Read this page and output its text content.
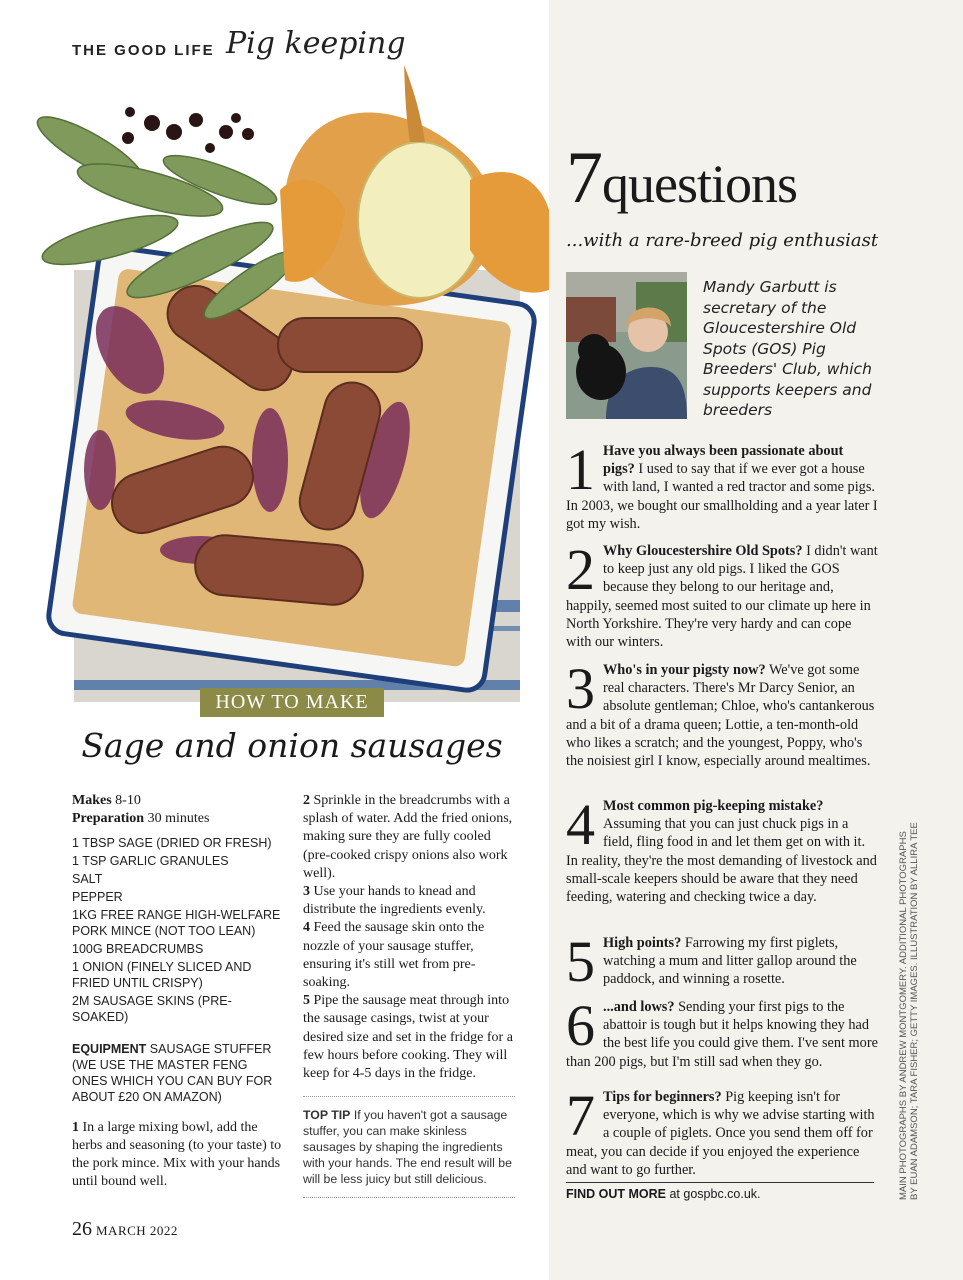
THE GOOD LIFE Pig keeping
HOW TO MAKE
Sage and onion sausages
Makes 8-10
Preparation 30 minutes
1 TBSP SAGE (DRIED OR FRESH)
1 TSP GARLIC GRANULES
SALT
PEPPER
1KG FREE RANGE HIGH-WELFARE PORK MINCE (NOT TOO LEAN)
100G BREADCRUMBS
1 ONION (FINELY SLICED AND FRIED UNTIL CRISPY)
2M SAUSAGE SKINS (PRE-SOAKED)
EQUIPMENT SAUSAGE STUFFER (WE USE THE MASTER FENG ONES WHICH YOU CAN BUY FOR ABOUT £20 ON AMAZON)

1 In a large mixing bowl, add the herbs and seasoning (to your taste) to the pork mince. Mix with your hands until bound well.

2 Sprinkle in the breadcrumbs with a splash of water. Add the fried onions, making sure they are fully cooled (pre-cooked crispy onions also work well).

3 Use your hands to knead and distribute the ingredients evenly.

4 Feed the sausage skin onto the nozzle of your sausage stuffer, ensuring it's still wet from pre-soaking.

5 Pipe the sausage meat through into the sausage casings, twist at your desired size and set in the fridge for a few hours before cooking. They will keep for 4-5 days in the fridge.

TOP TIP If you haven't got a sausage stuffer, you can make skinless sausages by shaping the ingredients with your hands. The end result will be will be less juicy but still delicious.
26 MARCH 2022
7questions
...with a rare-breed pig enthusiast
Mandy Garbutt is secretary of the Gloucestershire Old Spots (GOS) Pig Breeders' Club, which supports keepers and breeders
1 Have you always been passionate about pigs? I used to say that if we ever got a house with land, I wanted a red tractor and some pigs. In 2003, we bought our smallholding and a year later I got my wish.
2 Why Gloucestershire Old Spots? I didn't want to keep just any old pigs. I liked the GOS because they belong to our heritage and, happily, seemed most suited to our climate up here in North Yorkshire. They're very hardy and can cope with our winters.
3 Who's in your pigsty now? We've got some real characters. There's Mr Darcy Senior, an absolute gentleman; Chloe, who's cantankerous and a bit of a drama queen; Lottie, a ten-month-old who likes a scratch; and the youngest, Poppy, who's the noisiest girl I know, especially around mealtimes.
4 Most common pig-keeping mistake? Assuming that you can just chuck pigs in a field, fling food in and let them get on with it. In reality, they're the most demanding of livestock and small-scale keepers should be aware that they need feeding, watering and checking twice a day.
5 High points? Farrowing my first piglets, watching a mum and litter gallop around the paddock, and winning a rosette.
6 ...and lows? Sending your first pigs to the abattoir is tough but it helps knowing they had the best life you could give them. I've sent more than 200 pigs, but I'm still sad when they go.
7 Tips for beginners? Pig keeping isn't for everyone, which is why we advise starting with a couple of piglets. Once you send them off for meat, you can decide if you enjoyed the experience and want to go further.
FIND OUT MORE at gospbc.co.uk.	MAIN PHOTOGRAPHS BY ANDREW MONTGOMERY. ADDITIONAL PHOTOGRAPHS BY EUAN ADAMSON; TARA FISHER; GETTY IMAGES. ILLUSTRATION BY ALLIRA TEE
